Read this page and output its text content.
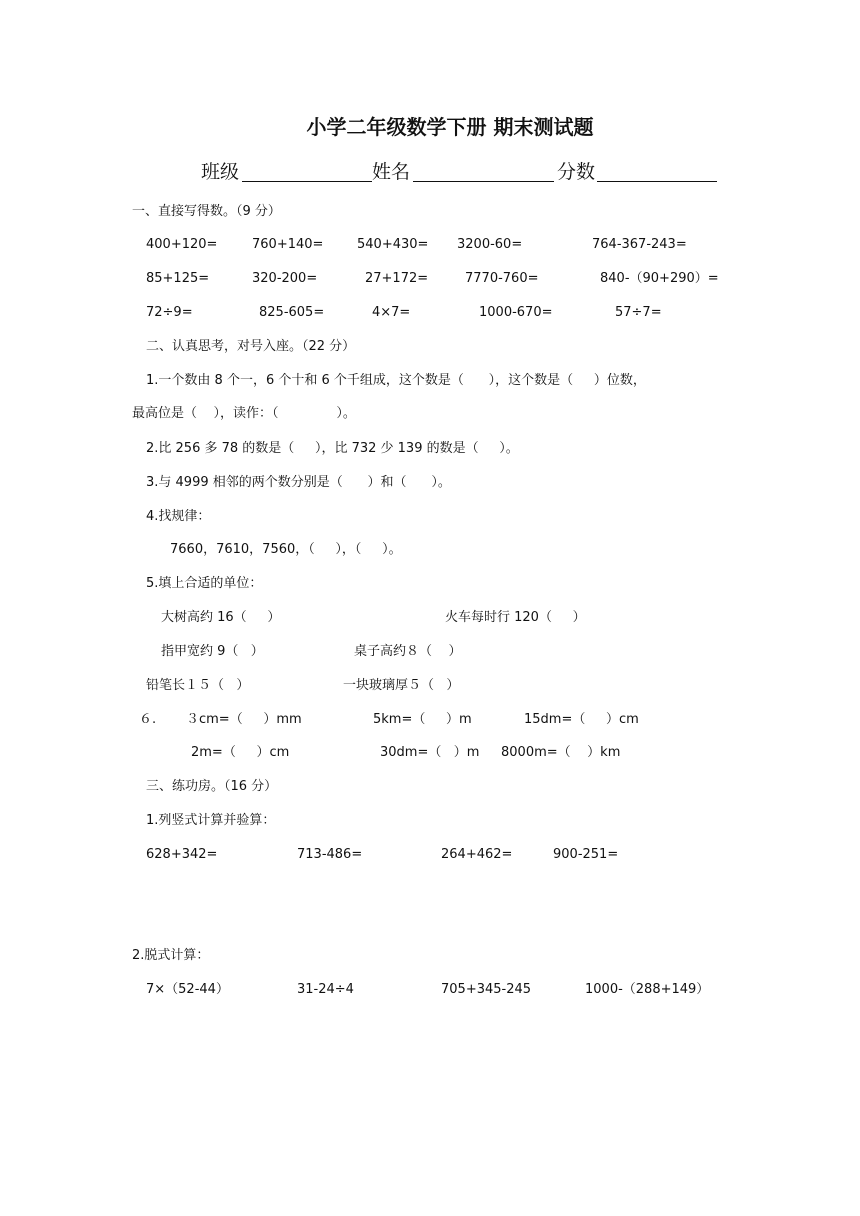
小学二年级数学下册 期末测试题
班级	姓名	分数
一、直接写得数。（9 分）
400+120=	760+140=	540+430= 3200-60=	764-367-243=
85+125=	320-200=	27+172=	7770-760=	840-（90+290）=
72÷9=	825-605=	4×7=	1000-670=	57÷7=
二、认真思考，对号入座。（22 分）
1.一个数由 8 个一，6 个十和 6 个千组成，这个数是（      ），这个数是（     ）位数，
最高位是（    ），读作：（              ）。
2.比 256 多 78 的数是（     ），比 732 少 139 的数是（     ）。
3.与 4999 相邻的两个数分别是（      ）和（      ）。
4.找规律：
7660，7610，7560，（     ），（     ）。
5.填上合适的单位：
大树高约 16（     ）	火车每时行 120（     ）
指甲宽约 9（   ）	桌子高约８（    ）
铅笔长１５（   ）	一块玻璃厚５（   ）
６. ３cm=（     ）mm	5km=（     ）m	15dm=（     ）cm
2m=（     ）cm	30dm=（   ）m 8000m=（    ）km
三、练功房。（16 分）
1.列竖式计算并验算：
628+342=	713-486=	264+462=	900-251=
2.脱式计算：
7×（52-44）	31-24÷4	705+345-245	1000-（288+149）
